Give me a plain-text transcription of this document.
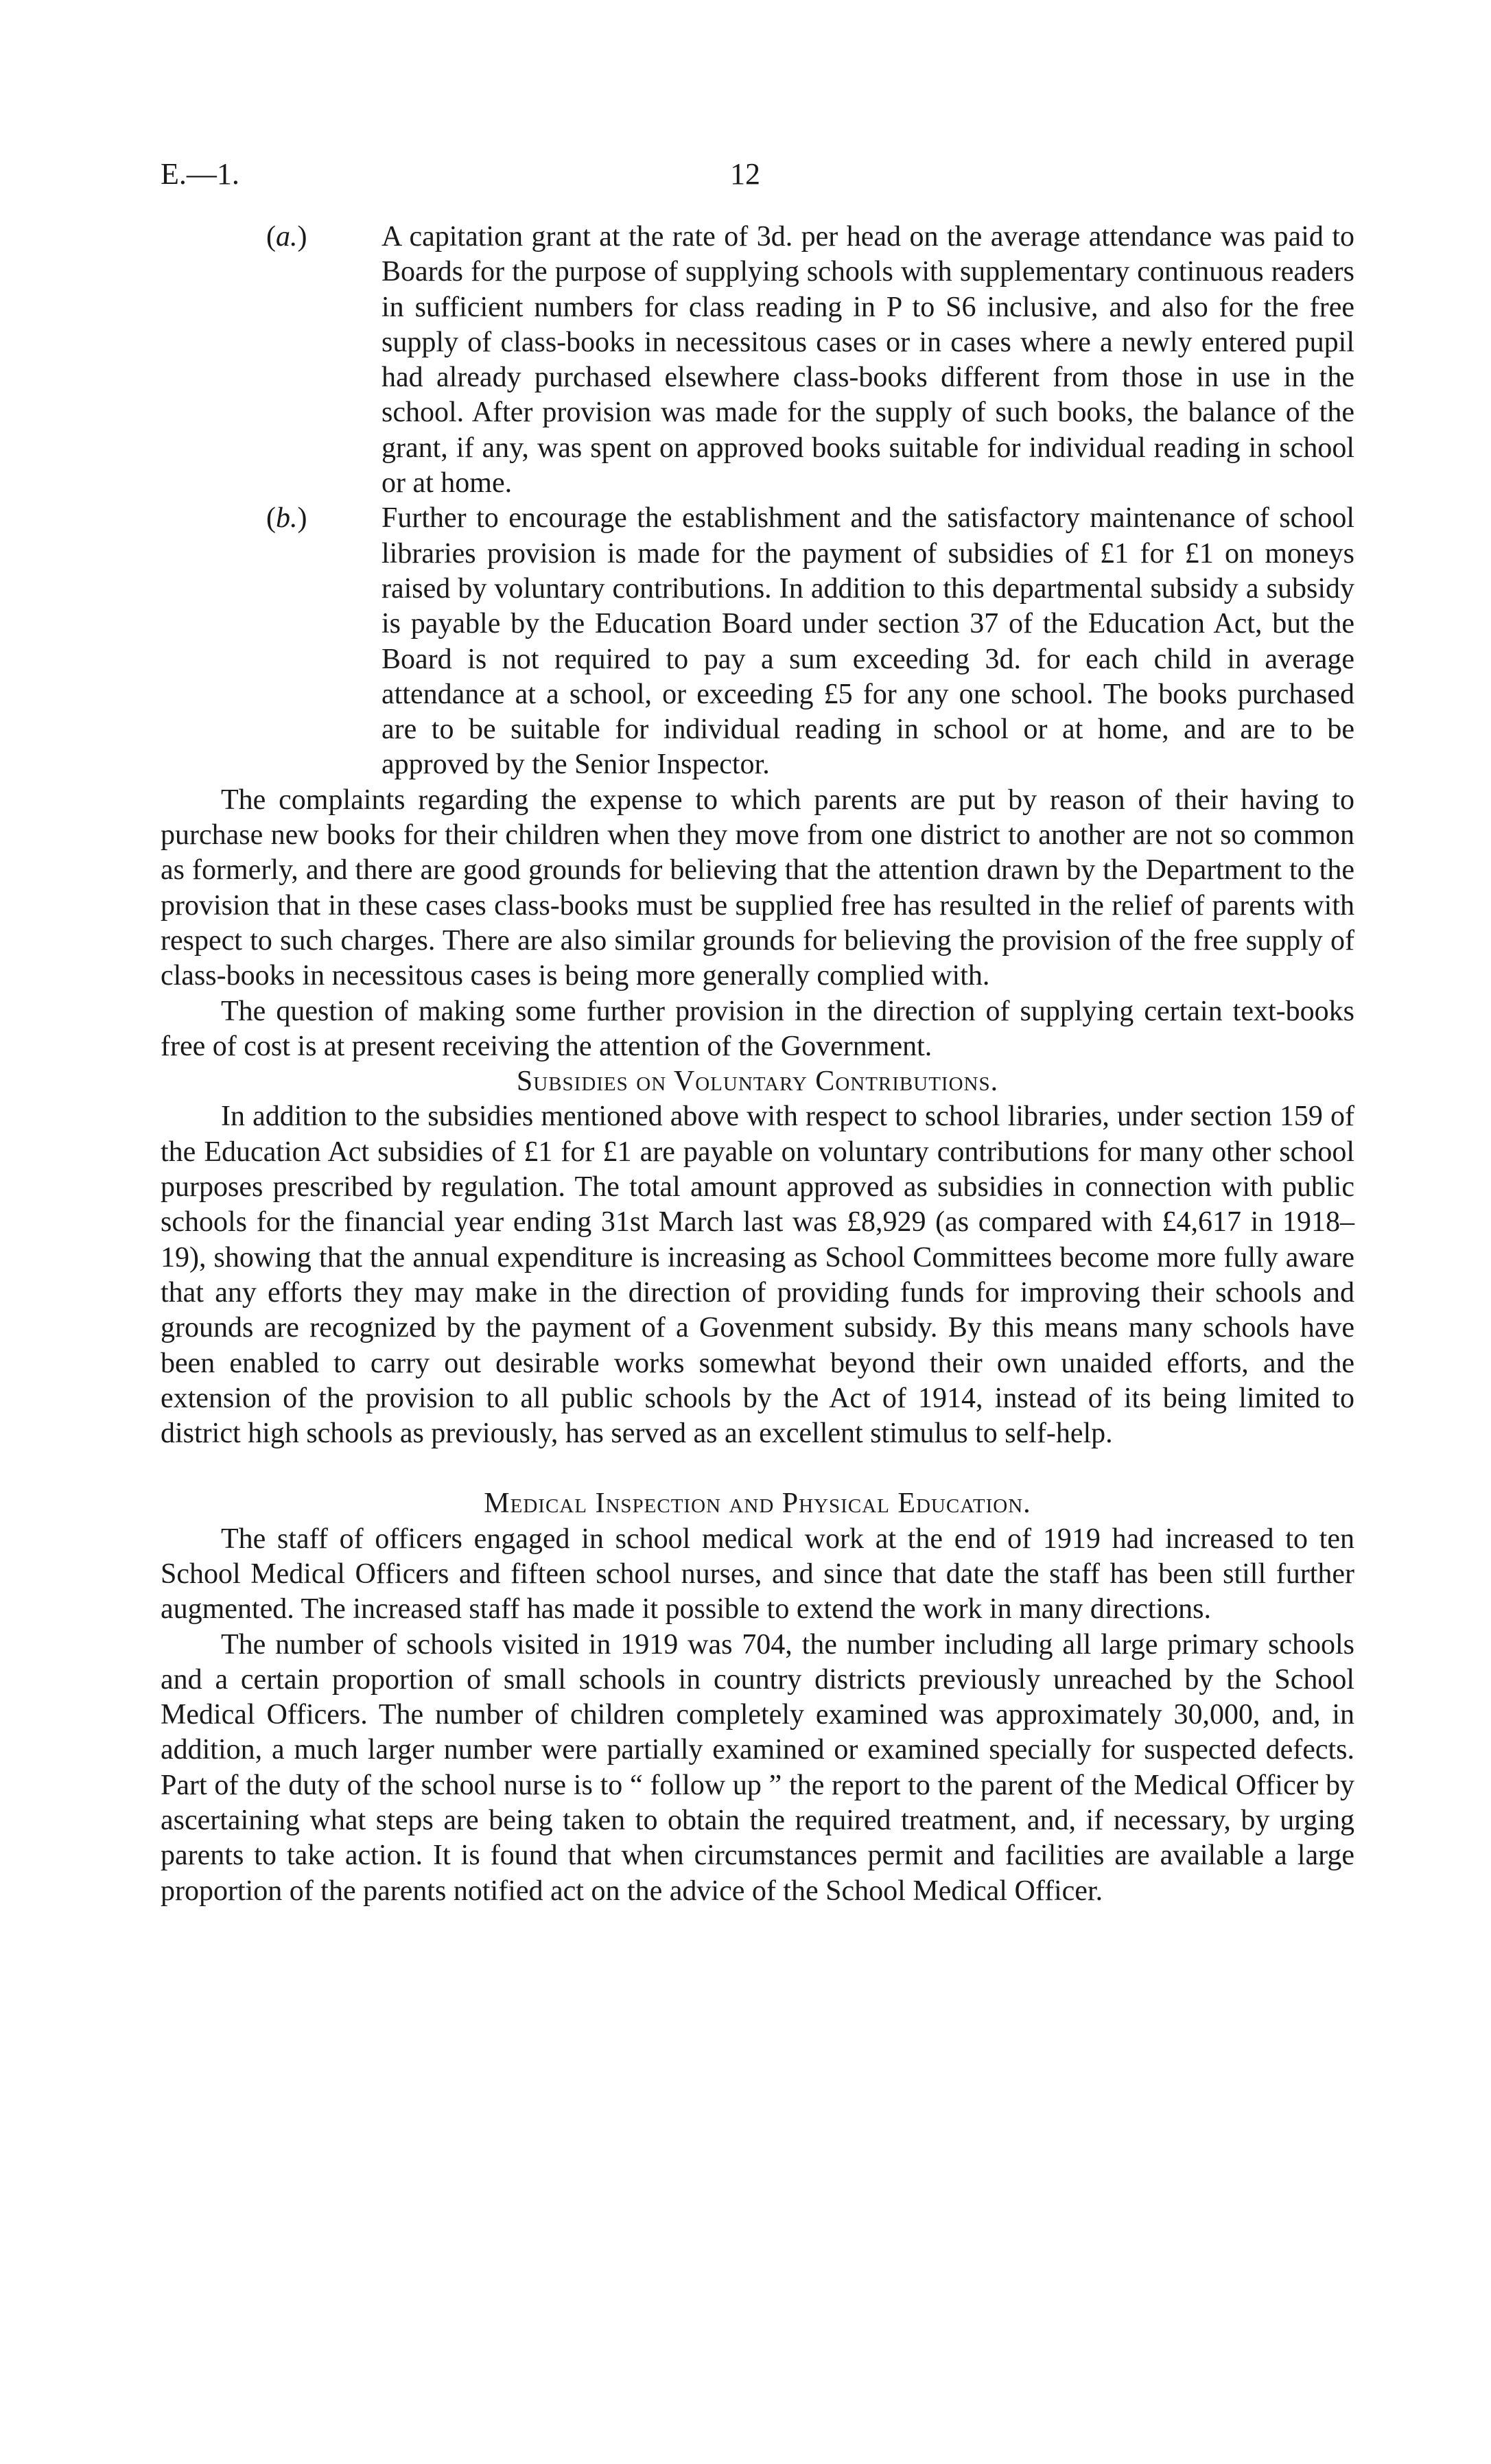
E.—1.	12
(a.)	A capitation grant at the rate of 3d. per head on the average attendance was paid to Boards for the purpose of supplying schools with supplementary continuous readers in sufficient numbers for class reading in P to S6 inclusive, and also for the free supply of class-books in necessitous cases or in cases where a newly entered pupil had already purchased elsewhere class-books different from those in use in the school. After provision was made for the supply of such books, the balance of the grant, if any, was spent on approved books suitable for individual reading in school or at home.

(b.)	Further to encourage the establishment and the satisfactory maintenance of school libraries provision is made for the payment of subsidies of £1 for £1 on moneys raised by voluntary contributions. In addition to this departmental subsidy a subsidy is payable by the Education Board under section 37 of the Education Act, but the Board is not required to pay a sum exceeding 3d. for each child in average attendance at a school, or exceeding £5 for any one school. The books purchased are to be suitable for individual reading in school or at home, and are to be approved by the Senior Inspector.

The complaints regarding the expense to which parents are put by reason of their having to purchase new books for their children when they move from one district to another are not so common as formerly, and there are good grounds for believing that the attention drawn by the Department to the provision that in these cases class-books must be supplied free has resulted in the relief of parents with respect to such charges. There are also similar grounds for believing the provision of the free supply of class-books in necessitous cases is being more generally complied with.

The question of making some further provision in the direction of supplying certain text-books free of cost is at present receiving the attention of the Government.

Subsidies on Voluntary Contributions.

In addition to the subsidies mentioned above with respect to school libraries, under section 159 of the Education Act subsidies of £1 for £1 are payable on voluntary contributions for many other school purposes prescribed by regulation. The total amount approved as subsidies in connection with public schools for the financial year ending 31st March last was £8,929 (as compared with £4,617 in 1918–19), showing that the annual expenditure is increasing as School Committees become more fully aware that any efforts they may make in the direction of providing funds for improving their schools and grounds are recognized by the payment of a Govenment subsidy. By this means many schools have been enabled to carry out desirable works somewhat beyond their own unaided efforts, and the extension of the provision to all public schools by the Act of 1914, instead of its being limited to district high schools as previously, has served as an excellent stimulus to self-help.

Medical Inspection and Physical Education.

The staff of officers engaged in school medical work at the end of 1919 had increased to ten School Medical Officers and fifteen school nurses, and since that date the staff has been still further augmented. The increased staff has made it possible to extend the work in many directions.

The number of schools visited in 1919 was 704, the number including all large primary schools and a certain proportion of small schools in country districts previously unreached by the School Medical Officers. The number of children completely examined was approximately 30,000, and, in addition, a much larger number were partially examined or examined specially for suspected defects. Part of the duty of the school nurse is to “ follow up ” the report to the parent of the Medical Officer by ascertaining what steps are being taken to obtain the required treatment, and, if necessary, by urging parents to take action. It is found that when circumstances permit and facilities are available a large proportion of the parents notified act on the advice of the School Medical Officer.
